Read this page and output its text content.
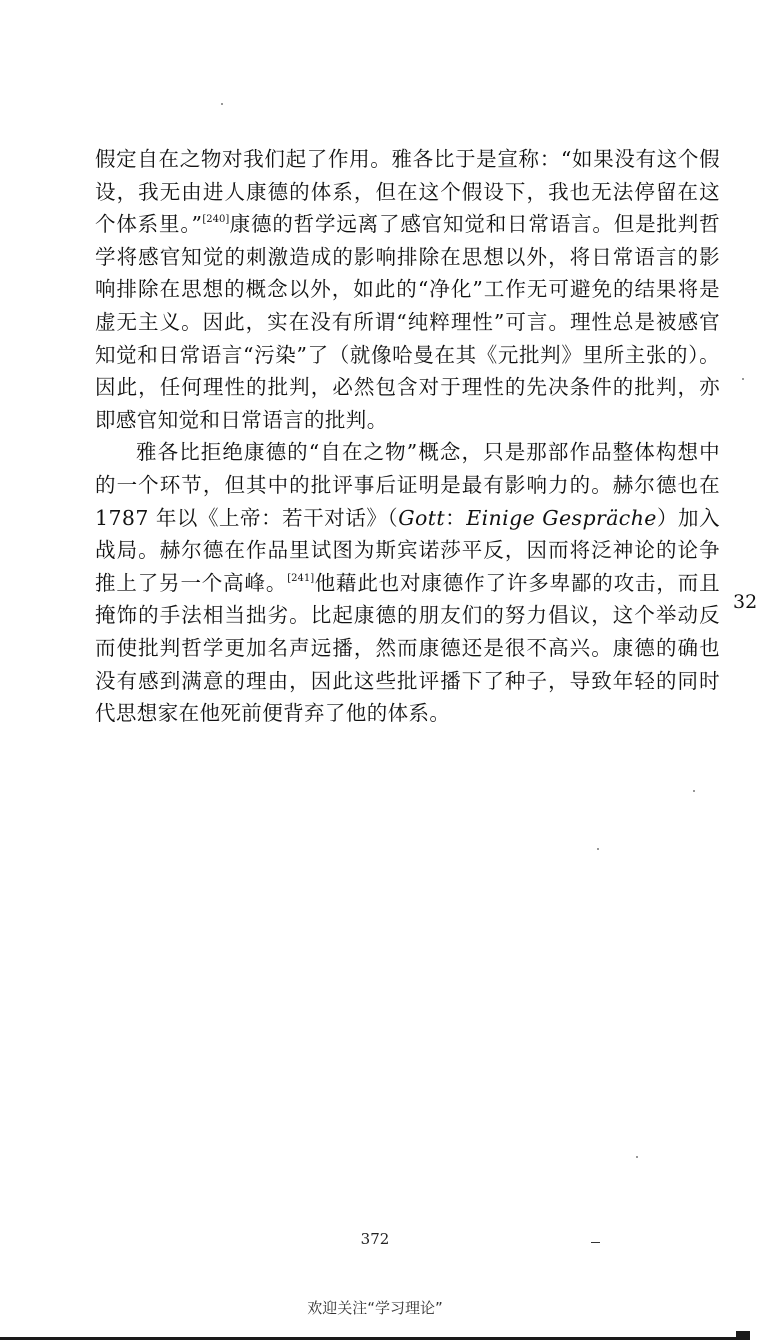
假定自在之物对我们起了作用。雅各比于是宣称：“如果没有这个假设，我无由进人康德的体系，但在这个假设下，我也无法停留在这个体系里。”[240]康德的哲学远离了感官知觉和日常语言。但是批判哲学将感官知觉的刺激造成的影响排除在思想以外，将日常语言的影响排除在思想的概念以外，如此的“净化”工作无可避免的结果将是虚无主义。因此，实在没有所谓“纯粹理性”可言。理性总是被感官知觉和日常语言“污染”了（就像哈曼在其《元批判》里所主张的）。因此，任何理性的批判，必然包含对于理性的先决条件的批判，亦即感官知觉和日常语言的批判。

雅各比拒绝康德的“自在之物”概念，只是那部作品整体构想中的一个环节，但其中的批评事后证明是最有影响力的。赫尔德也在 1787 年以《上帝：若干对话》（Gott：Einige Gespräche）加入战局。赫尔德在作品里试图为斯宾诺莎平反，因而将泛神论的论争推上了另一个高峰。[241]他藉此也对康德作了许多卑鄙的攻击，而且掩饰的手法相当拙劣。比起康德的朋友们的努力倡议，这个举动反而使批判哲学更加名声远播，然而康德还是很不高兴。康德的确也没有感到满意的理由，因此这些批评播下了种子，导致年轻的同时代思想家在他死前便背弃了他的体系。

32
372
欢迎关注“学习理论”
